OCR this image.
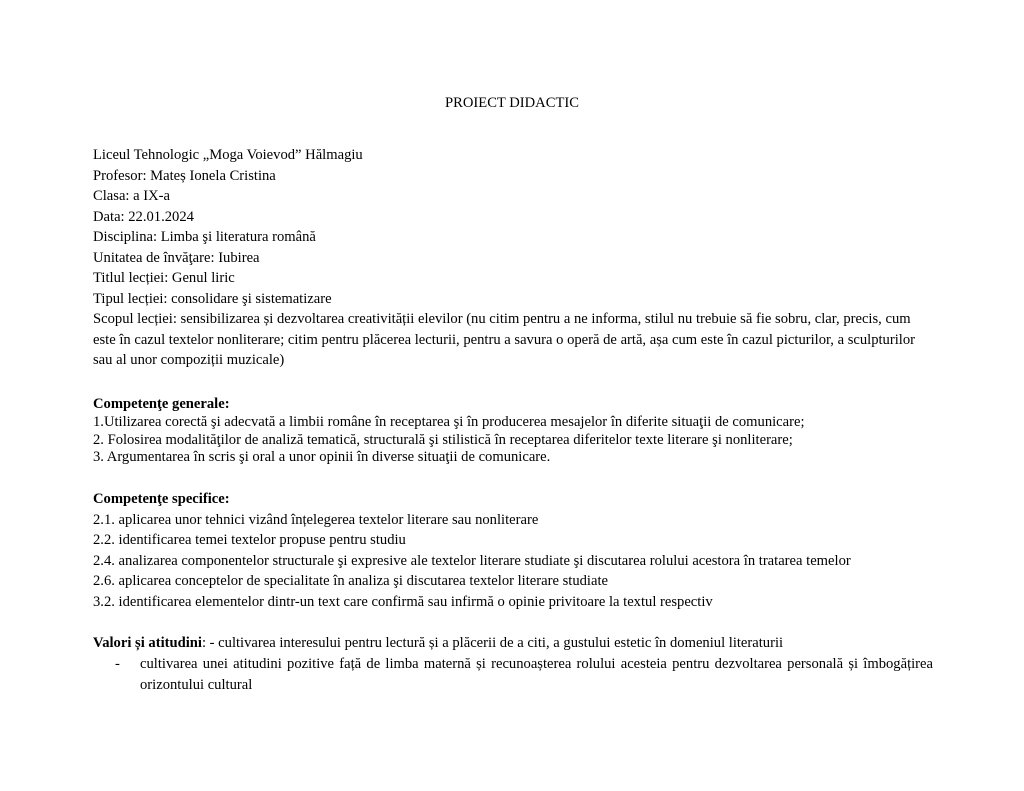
PROIECT DIDACTIC
Liceul Tehnologic „Moga Voievod” Hălmagiu
Profesor: Mateș Ionela Cristina
Clasa: a IX-a
Data: 22.01.2024
Disciplina: Limba şi literatura română
Unitatea de învăţare: Iubirea
Titlul lecției: Genul liric
Tipul lecției: consolidare şi sistematizare
Scopul lecției: sensibilizarea și dezvoltarea creativității elevilor (nu citim pentru a ne informa, stilul nu trebuie să fie sobru, clar, precis, cum este în cazul textelor nonliterare; citim pentru plăcerea lecturii, pentru a savura o operă de artă, așa cum este în cazul picturilor, a sculpturilor sau al unor compoziții muzicale)
Competenţe generale:
1.Utilizarea corectă şi adecvată a limbii române în receptarea şi în producerea mesajelor în diferite situaţii de comunicare;
2. Folosirea modalităţilor de analiză tematică, structurală şi stilistică în receptarea diferitelor texte literare şi nonliterare;
3. Argumentarea în scris şi oral a unor opinii în diverse situaţii de comunicare.
Competenţe specifice:
2.1. aplicarea unor tehnici vizând înțelegerea textelor literare sau nonliterare
2.2. identificarea temei textelor propuse pentru studiu
2.4. analizarea componentelor structurale şi expresive ale textelor literare studiate şi discutarea rolului acestora în tratarea temelor
2.6. aplicarea conceptelor de specialitate în analiza şi discutarea textelor literare studiate
3.2. identificarea elementelor dintr-un text care confirmă sau infirmă o opinie privitoare la textul respectiv
Valori și atitudini: - cultivarea interesului pentru lectură și a plăcerii de a citi, a gustului estetic în domeniul literaturii
- cultivarea unei atitudini pozitive față de limba maternă și recunoașterea rolului acesteia pentru dezvoltarea personală și îmbogățirea orizontului cultural
